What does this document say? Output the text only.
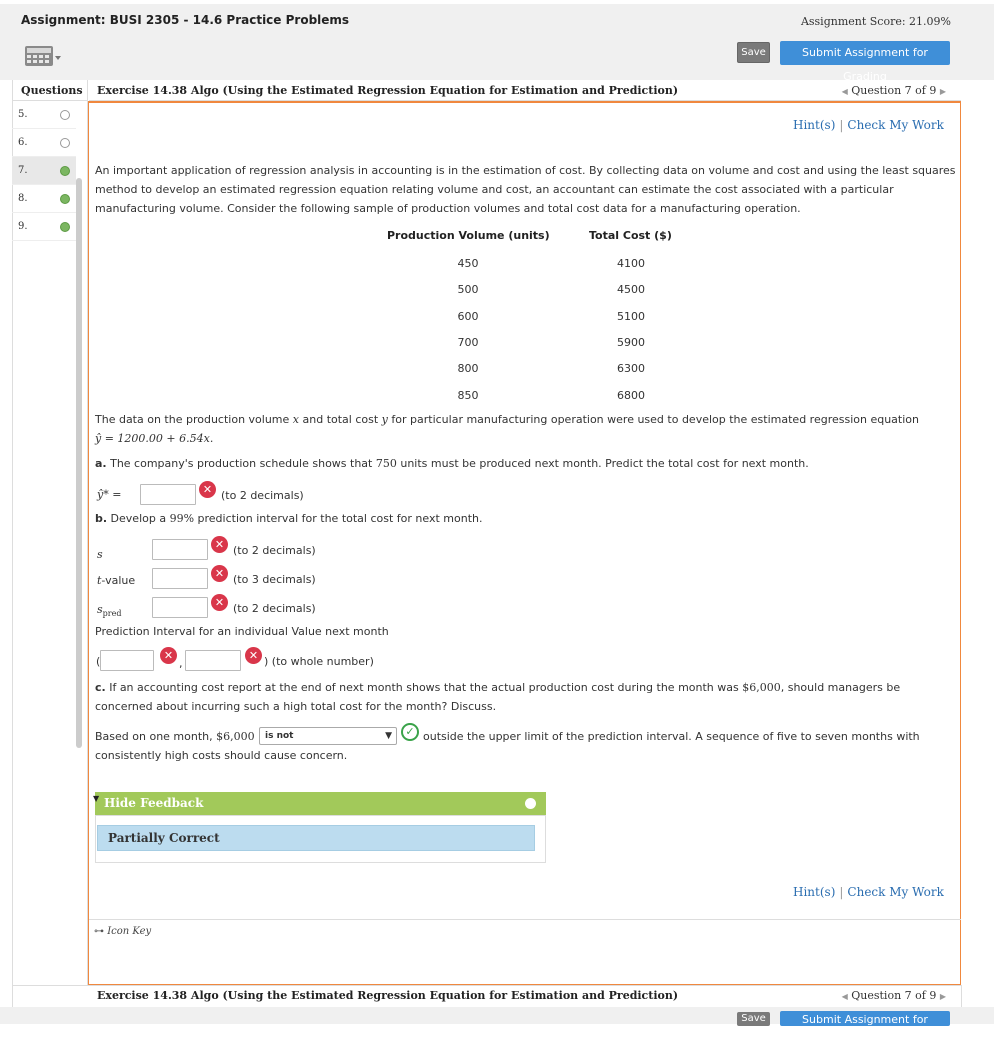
Assignment: BUSI 2305 - 14.6 Practice Problems	Assignment Score: 21.09%
Save	Submit Assignment for Grading
Questions
5.
6.
7.
8.
9.
Exercise 14.38 Algo (Using the Estimated Regression Equation for Estimation and Prediction)	◀ Question 7 of 9 ▶
Hint(s) | Check My Work
An important application of regression analysis in accounting is in the estimation of cost. By collecting data on volume and cost and using the least squares
method to develop an estimated regression equation relating volume and cost, an accountant can estimate the cost associated with a particular
manufacturing volume. Consider the following sample of production volumes and total cost data for a manufacturing operation.
Production Volume (units)	Total Cost ($)
450	4100
500	4500
600	5100
700	5900
800	6300
850	6800
The data on the production volume x and total cost y for particular manufacturing operation were used to develop the estimated regression equation
ŷ = 1200.00 + 6.54x.
a. The company's production schedule shows that 750 units must be produced next month. Predict the total cost for next month.
ŷ* =	✕ (to 2 decimals)
b. Develop a 99% prediction interval for the total cost for next month.
s
✕ (to 2 decimals)
t-value
✕ (to 3 decimals)
$s_{pred}$
✕ (to 2 decimals)
Prediction Interval for an individual Value next month
(	✕
,
✕ ) (to whole number)
c. If an accounting cost report at the end of next month shows that the actual production cost during the month was $6,000, should managers be
concerned about incurring such a high total cost for the month? Discuss.
Based on one month, $6,000	is not	▼	✓ outside the upper limit of the prediction interval. A sequence of five to seven months with
consistently high costs should cause concern.
Hide Feedback
▼
Partially Correct
Hint(s) | Check My Work
⊶ Icon Key
Exercise 14.38 Algo (Using the Estimated Regression Equation for Estimation and Prediction)	◀ Question 7 of 9 ▶
Save	Submit Assignment for Grading
